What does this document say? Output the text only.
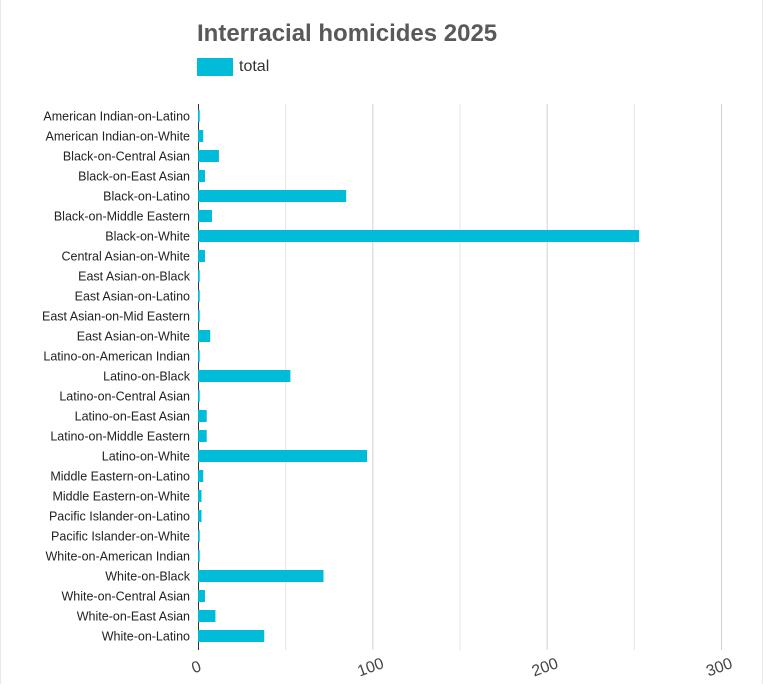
Interracial homicides 2025
total
American Indian-on-Latino
American Indian-on-White
Black-on-Central Asian
Black-on-East Asian
Black-on-Latino
Black-on-Middle Eastern
Black-on-White
Central Asian-on-White
East Asian-on-Black
East Asian-on-Latino
East Asian-on-Mid Eastern
East Asian-on-White
Latino-on-American Indian
Latino-on-Black
Latino-on-Central Asian
Latino-on-East Asian
Latino-on-Middle Eastern
Latino-on-White
Middle Eastern-on-Latino
Middle Eastern-on-White
Pacific Islander-on-Latino
Pacific Islander-on-White
White-on-American Indian
White-on-Black
White-on-Central Asian
White-on-East Asian
White-on-Latino
0	100	200	300
